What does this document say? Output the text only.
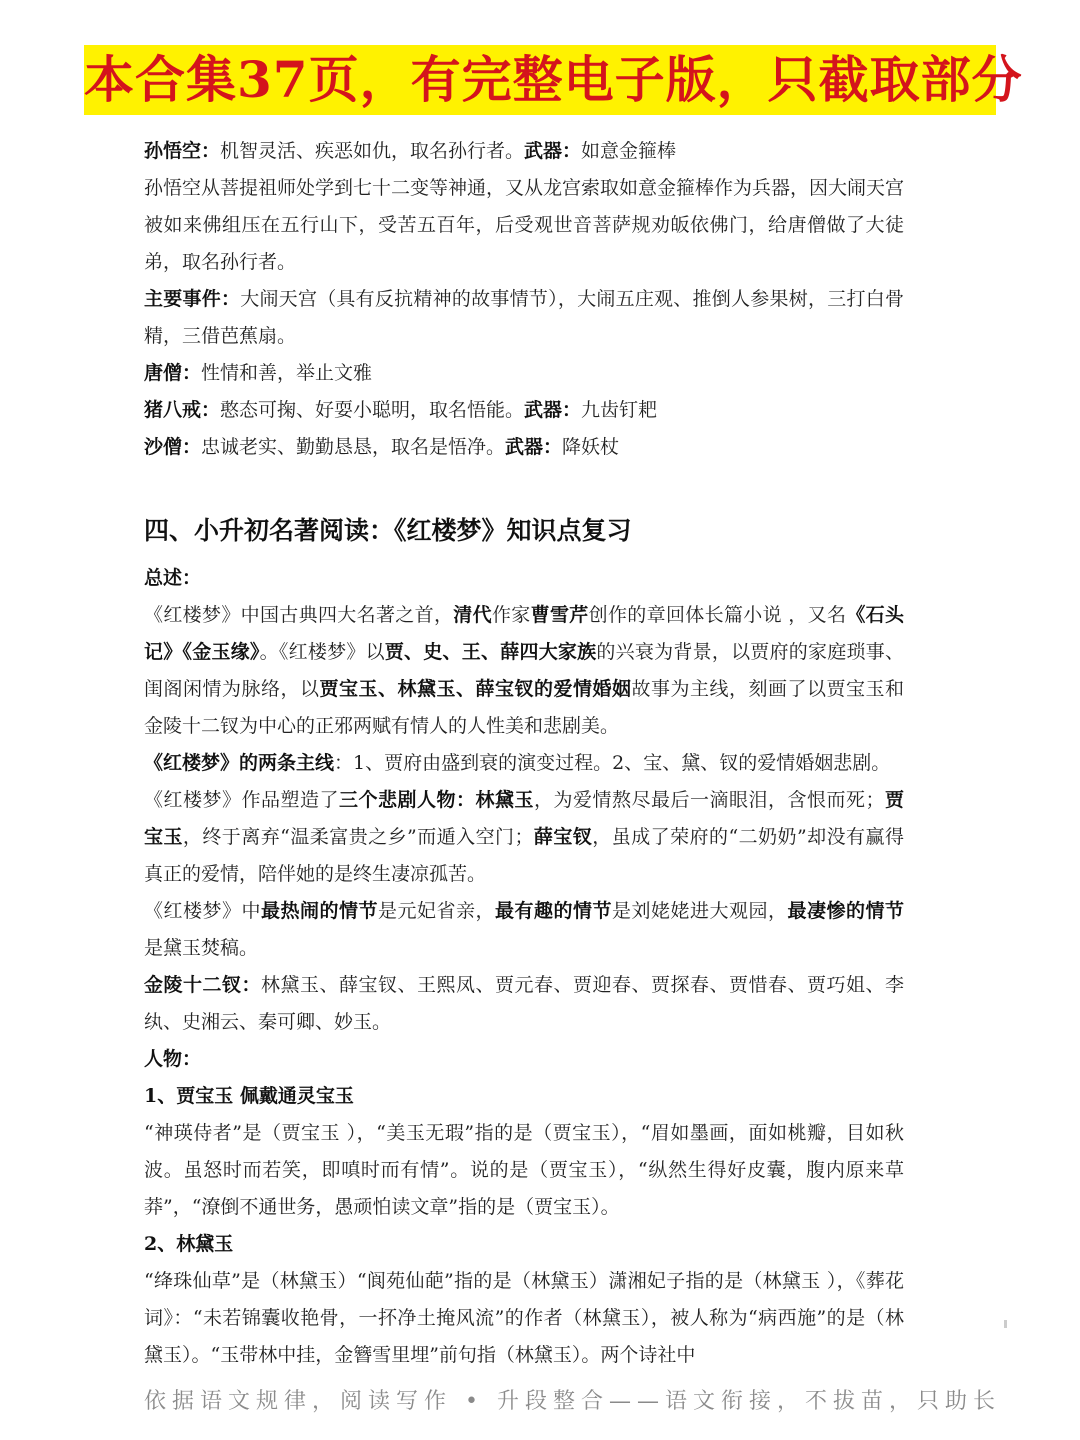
本合集37页，有完整电子版，只截取部分

孙悟空：机智灵活、疾恶如仇，取名孙行者。武器：如意金箍棒

孙悟空从菩提祖师处学到七十二变等神通，又从龙宫索取如意金箍棒作为兵器，因大闹天宫被如来佛组压在五行山下，受苦五百年，后受观世音菩萨规劝皈依佛门，给唐僧做了大徒弟，取名孙行者。

主要事件：大闹天宫（具有反抗精神的故事情节），大闹五庄观、推倒人参果树，三打白骨精，三借芭蕉扇。

唐僧：性情和善，举止文雅

猪八戒：憨态可掬、好耍小聪明，取名悟能。武器：九齿钉耙

沙僧：忠诚老实、勤勤恳恳，取名是悟净。武器：降妖杖

四、小升初名著阅读：《红楼梦》知识点复习

总述：

《红楼梦》中国古典四大名著之首，清代作家曹雪芹创作的章回体长篇小说 ，又名《石头记》《金玉缘》。《红楼梦》以贾、史、王、薛四大家族的兴衰为背景，以贾府的家庭琐事、闺阁闲情为脉络，以贾宝玉、林黛玉、薛宝钗的爱情婚姻故事为主线，刻画了以贾宝玉和金陵十二钗为中心的正邪两赋有情人的人性美和悲剧美。

《红楼梦》的两条主线：1、贾府由盛到衰的演变过程。2、宝、黛、钗的爱情婚姻悲剧。

《红楼梦》作品塑造了三个悲剧人物：林黛玉，为爱情熬尽最后一滴眼泪，含恨而死；贾宝玉，终于离弃“温柔富贵之乡”而遁入空门；薛宝钗，虽成了荣府的“二奶奶”却没有赢得真正的爱情，陪伴她的是终生凄凉孤苦。

《红楼梦》中最热闹的情节是元妃省亲，最有趣的情节是刘姥姥进大观园，最凄惨的情节是黛玉焚稿。

金陵十二钗：林黛玉、薛宝钗、王熙凤、贾元春、贾迎春、贾探春、贾惜春、贾巧姐、李纨、史湘云、秦可卿、妙玉。

人物：

1、贾宝玉 佩戴通灵宝玉

“神瑛侍者”是（贾宝玉 ），“美玉无瑕”指的是（贾宝玉），“眉如墨画，面如桃瓣，目如秋波。虽怒时而若笑，即嗔时而有情”。说的是（贾宝玉），“纵然生得好皮囊，腹内原来草莽”，“潦倒不通世务，愚顽怕读文章”指的是（贾宝玉）。

2、林黛玉

“绛珠仙草”是（林黛玉）“阆苑仙葩”指的是（林黛玉）潇湘妃子指的是（林黛玉 ），《葬花词》：“未若锦囊收艳骨，一抔净土掩风流”的作者（林黛玉），被人称为“病西施”的是（林黛玉）。“玉带林中挂，金簪雪里埋”前句指（林黛玉）。两个诗社中

依据语文规律，阅读写作 • 升段整合——语文衔接，不拔苗，只助长
